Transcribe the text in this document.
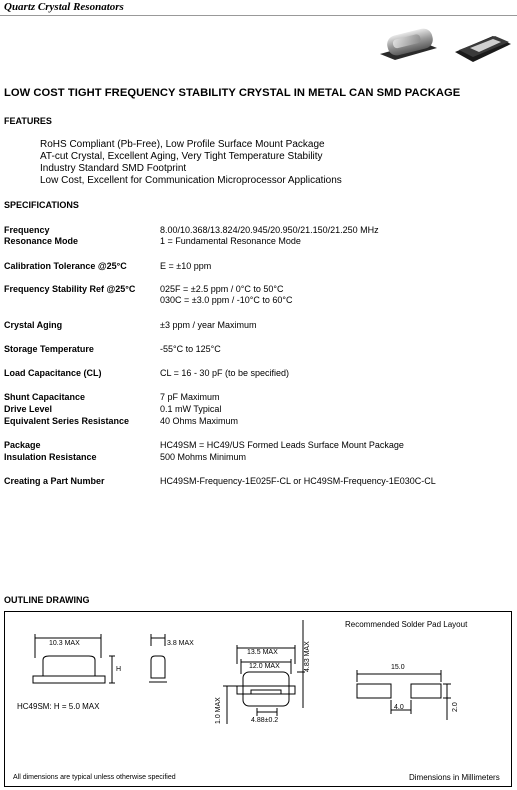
Quartz Crystal Resonators
LOW COST TIGHT FREQUENCY STABILITY CRYSTAL IN METAL CAN SMD PACKAGE
FEATURES
RoHS Compliant (Pb-Free), Low Profile Surface Mount Package
AT-cut Crystal, Excellent Aging, Very Tight Temperature Stability
Industry Standard SMD Footprint
Low Cost, Excellent for Communication Microprocessor Applications
SPECIFICATIONS
Frequency	8.00/10.368/13.824/20.945/20.950/21.150/21.250 MHz
Resonance Mode	1 = Fundamental Resonance Mode
Calibration Tolerance @25°C	E = ±10 ppm
Frequency Stability Ref @25°C	025F = ±2.5 ppm / 0°C to 50°C
030C = ±3.0 ppm / -10°C to 60°C
Crystal Aging	±3 ppm / year Maximum
Storage Temperature	-55°C to 125°C
Load Capacitance (CL)	CL = 16 - 30 pF (to be specified)
Shunt Capacitance	7 pF Maximum
Drive Level	0.1 mW Typical
Equivalent Series Resistance	40 Ohms Maximum
Package	HC49SM = HC49/US Formed Leads Surface Mount Package
Insulation Resistance	500 Mohms Minimum
Creating a Part Number	HC49SM-Frequency-1E025F-CL or HC49SM-Frequency-1E030C-CL
OUTLINE DRAWING
Recommended Solder Pad Layout
10.3 MAX	3.8 MAX
H
HC49SM: H = 5.0 MAX
13.5 MAX
12.0 MAX	4.83 MAX
1.0 MAX	4.88±0.2
15.0
4.0	2.0
All dimensions are typical unless otherwise specified	Dimensions in Millimeters
